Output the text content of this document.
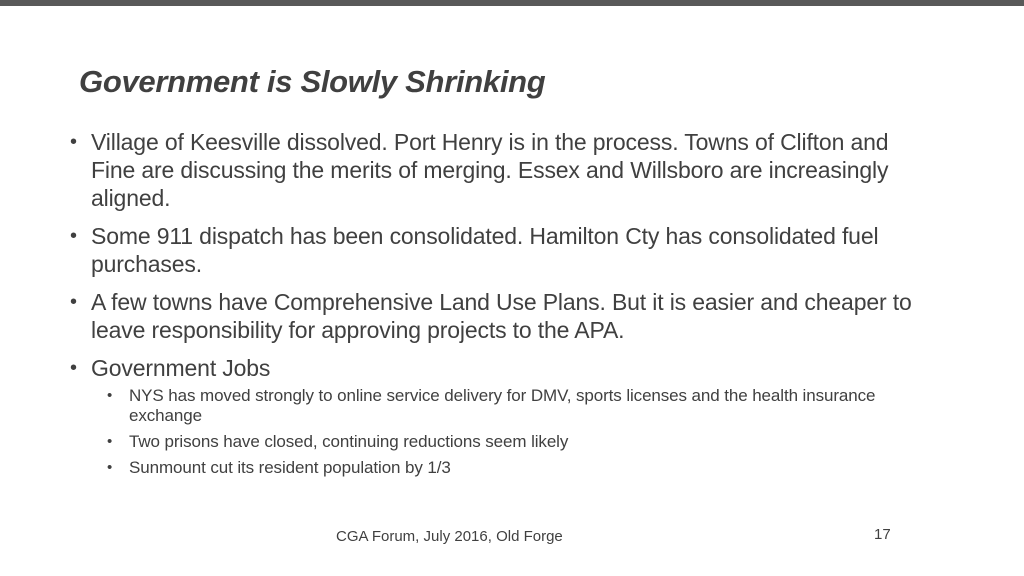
Government is Slowly Shrinking
• Village of Keesville dissolved. Port Henry is in the process. Towns of Clifton and Fine are discussing the merits of merging. Essex and Willsboro are increasingly aligned.
• Some 911 dispatch has been consolidated. Hamilton Cty has consolidated fuel purchases.
• A few towns have Comprehensive Land Use Plans. But it is easier and cheaper to leave responsibility for approving projects to the APA.
• Government Jobs
• NYS has moved strongly to online service delivery for DMV, sports licenses and the health insurance exchange
• Two prisons have closed, continuing reductions seem likely
• Sunmount cut its resident population by 1/3
CGA Forum, July 2016, Old Forge	17
